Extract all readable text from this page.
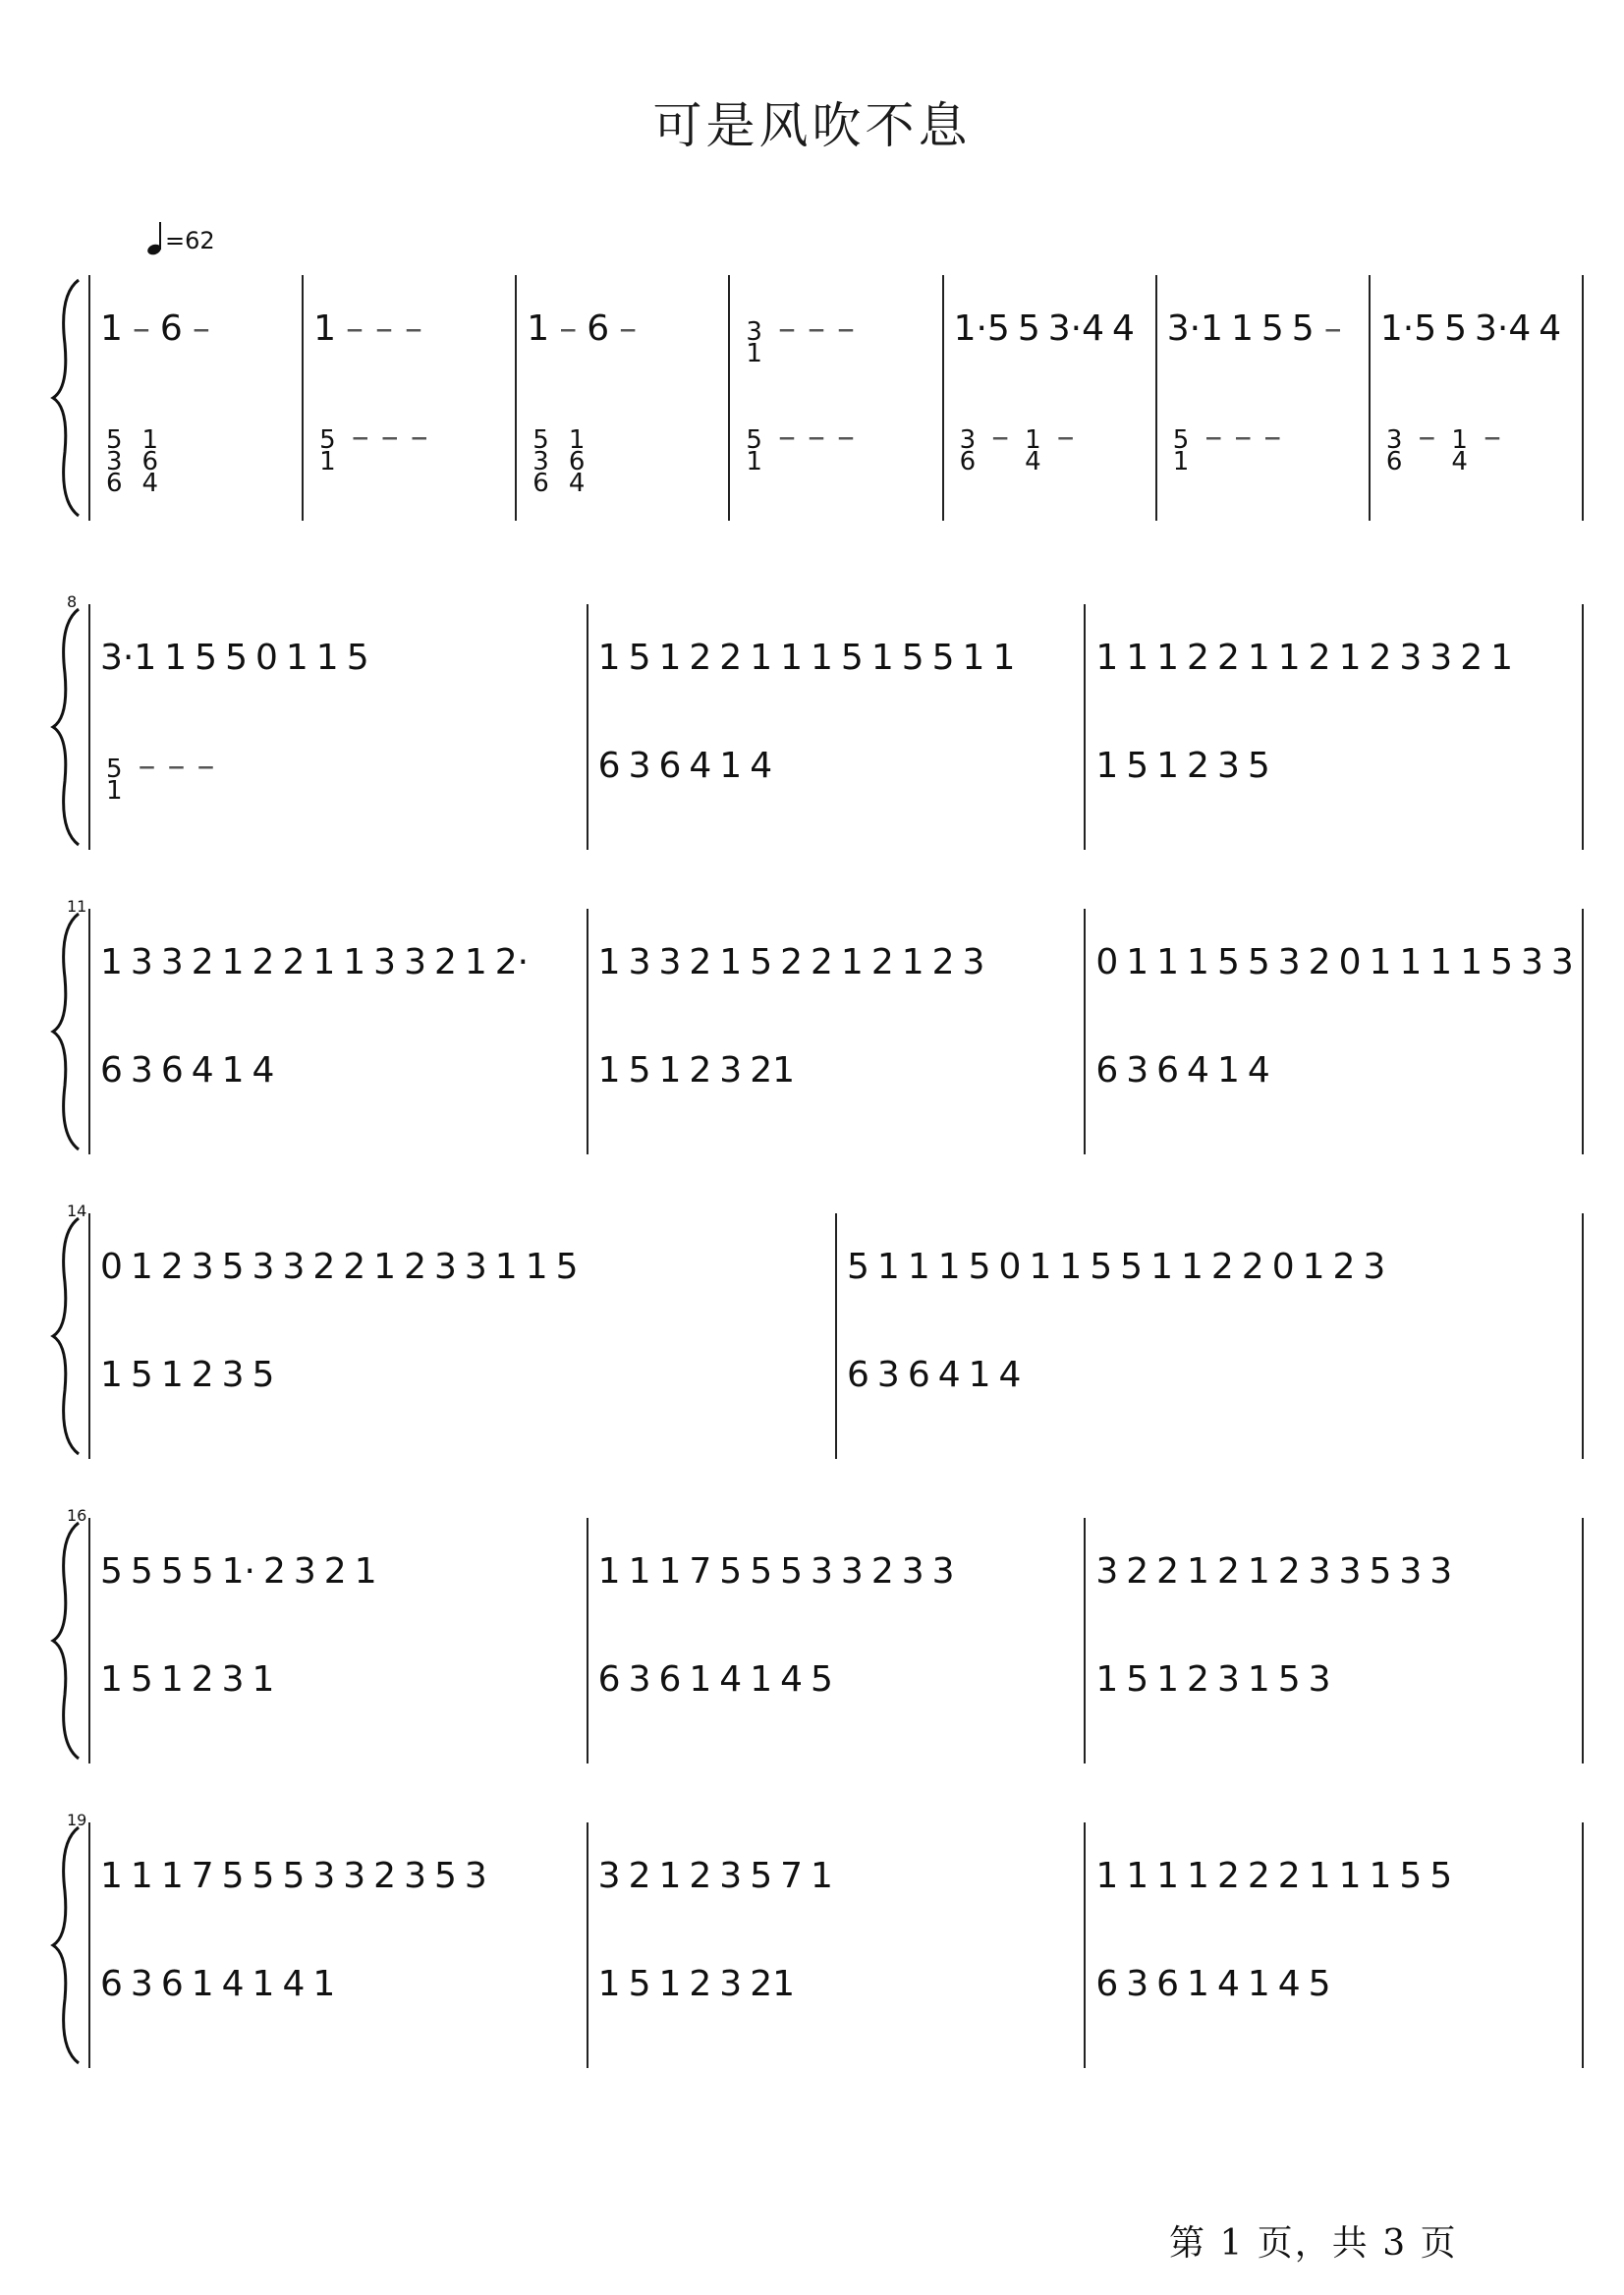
可是风吹不息
=62
1 – 6 –
5
3
6
1
6
4
1 – – –
5
1
– – –
1 – 6 –
5
3
6
1
6
4
3
1
– – –
5
1
– – –
1·5 5 3·4 4
3
6
– 1
4
–
3·1 1 5 5 –
5
1
– – –
1·5 5 3·4 4
3
6
– 1
4
–
8
3·1 1 5 5 0 1 1 5
5
1
– – –
1 5 1 2 2 1 1 1 5 1 5 5 1 1
6 3 6 4 1 4
1 1 1 2 2 1 1 2 1 2 3 3 2 1
1 5 1 2 3 5
11
1 3 3 2 1 2 2 1 1 3 3 2 1 2·
6 3 6 4 1 4
1 3 3 2 1 5 2 2 1 2 1 2 3
1 5 1 2 3 21
0 1 1 1 5 5 3 2 0 1 1 1 1 5 3 3
6 3 6 4 1 4
14
0 1 2 3 5 3 3 2 2 1 2 3 3 1 1 5
1 5 1 2 3 5
5 1 1 1 5 0 1 1 5 5 1 1 2 2 0 1 2 3
6 3 6 4 1 4
16
5 5 5 5 1· 2 3 2 1
1 5 1 2 3 1
1 1 1 7 5 5 5 3 3 2 3 3
6 3 6 1 4 1 4 5
3 2 2 1 2 1 2 3 3 5 3 3
1 5 1 2 3 1 5 3
19
1 1 1 7 5 5 5 3 3 2 3 5 3
6 3 6 1 4 1 4 1
3 2 1 2 3 5 7 1
1 5 1 2 3 21
1 1 1 1 2 2 2 1 1 1 5 5
6 3 6 1 4 1 4 5
第 1 页，共 3 页
